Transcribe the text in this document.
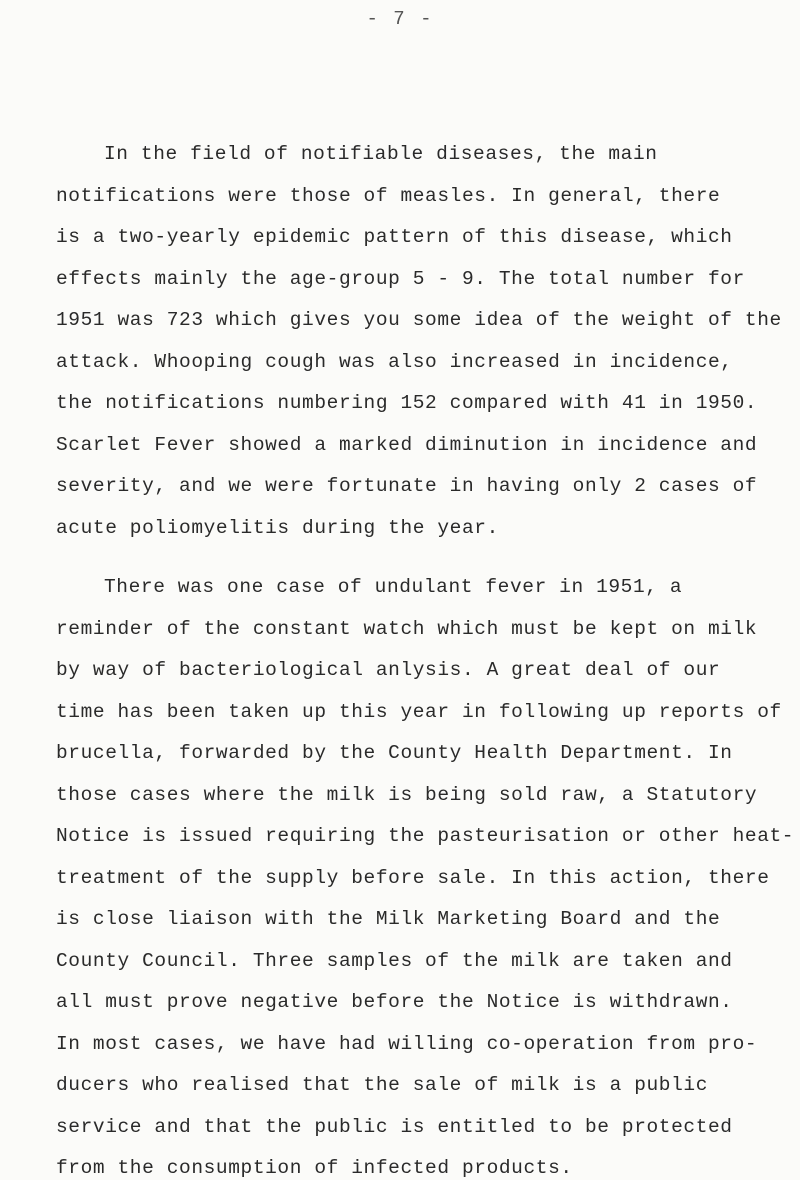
- 7 -
In the field of notifiable diseases, the main
notifications were those of measles. In general, there
is a two-yearly epidemic pattern of this disease, which
effects mainly the age-group 5 - 9. The total number for
1951 was 723 which gives you some idea of the weight of the
attack. Whooping cough was also increased in incidence,
the notifications numbering 152 compared with 41 in 1950.
Scarlet Fever showed a marked diminution in incidence and
severity, and we were fortunate in having only 2 cases of
acute poliomyelitis during the year.
There was one case of undulant fever in 1951, a
reminder of the constant watch which must be kept on milk
by way of bacteriological anlysis. A great deal of our
time has been taken up this year in following up reports of
brucella, forwarded by the County Health Department. In
those cases where the milk is being sold raw, a Statutory
Notice is issued requiring the pasteurisation or other heat-
treatment of the supply before sale. In this action, there
is close liaison with the Milk Marketing Board and the
County Council. Three samples of the milk are taken and
all must prove negative before the Notice is withdrawn.
In most cases, we have had willing co-operation from pro-
ducers who realised that the sale of milk is a public
service and that the public is entitled to be protected
from the consumption of infected products.
